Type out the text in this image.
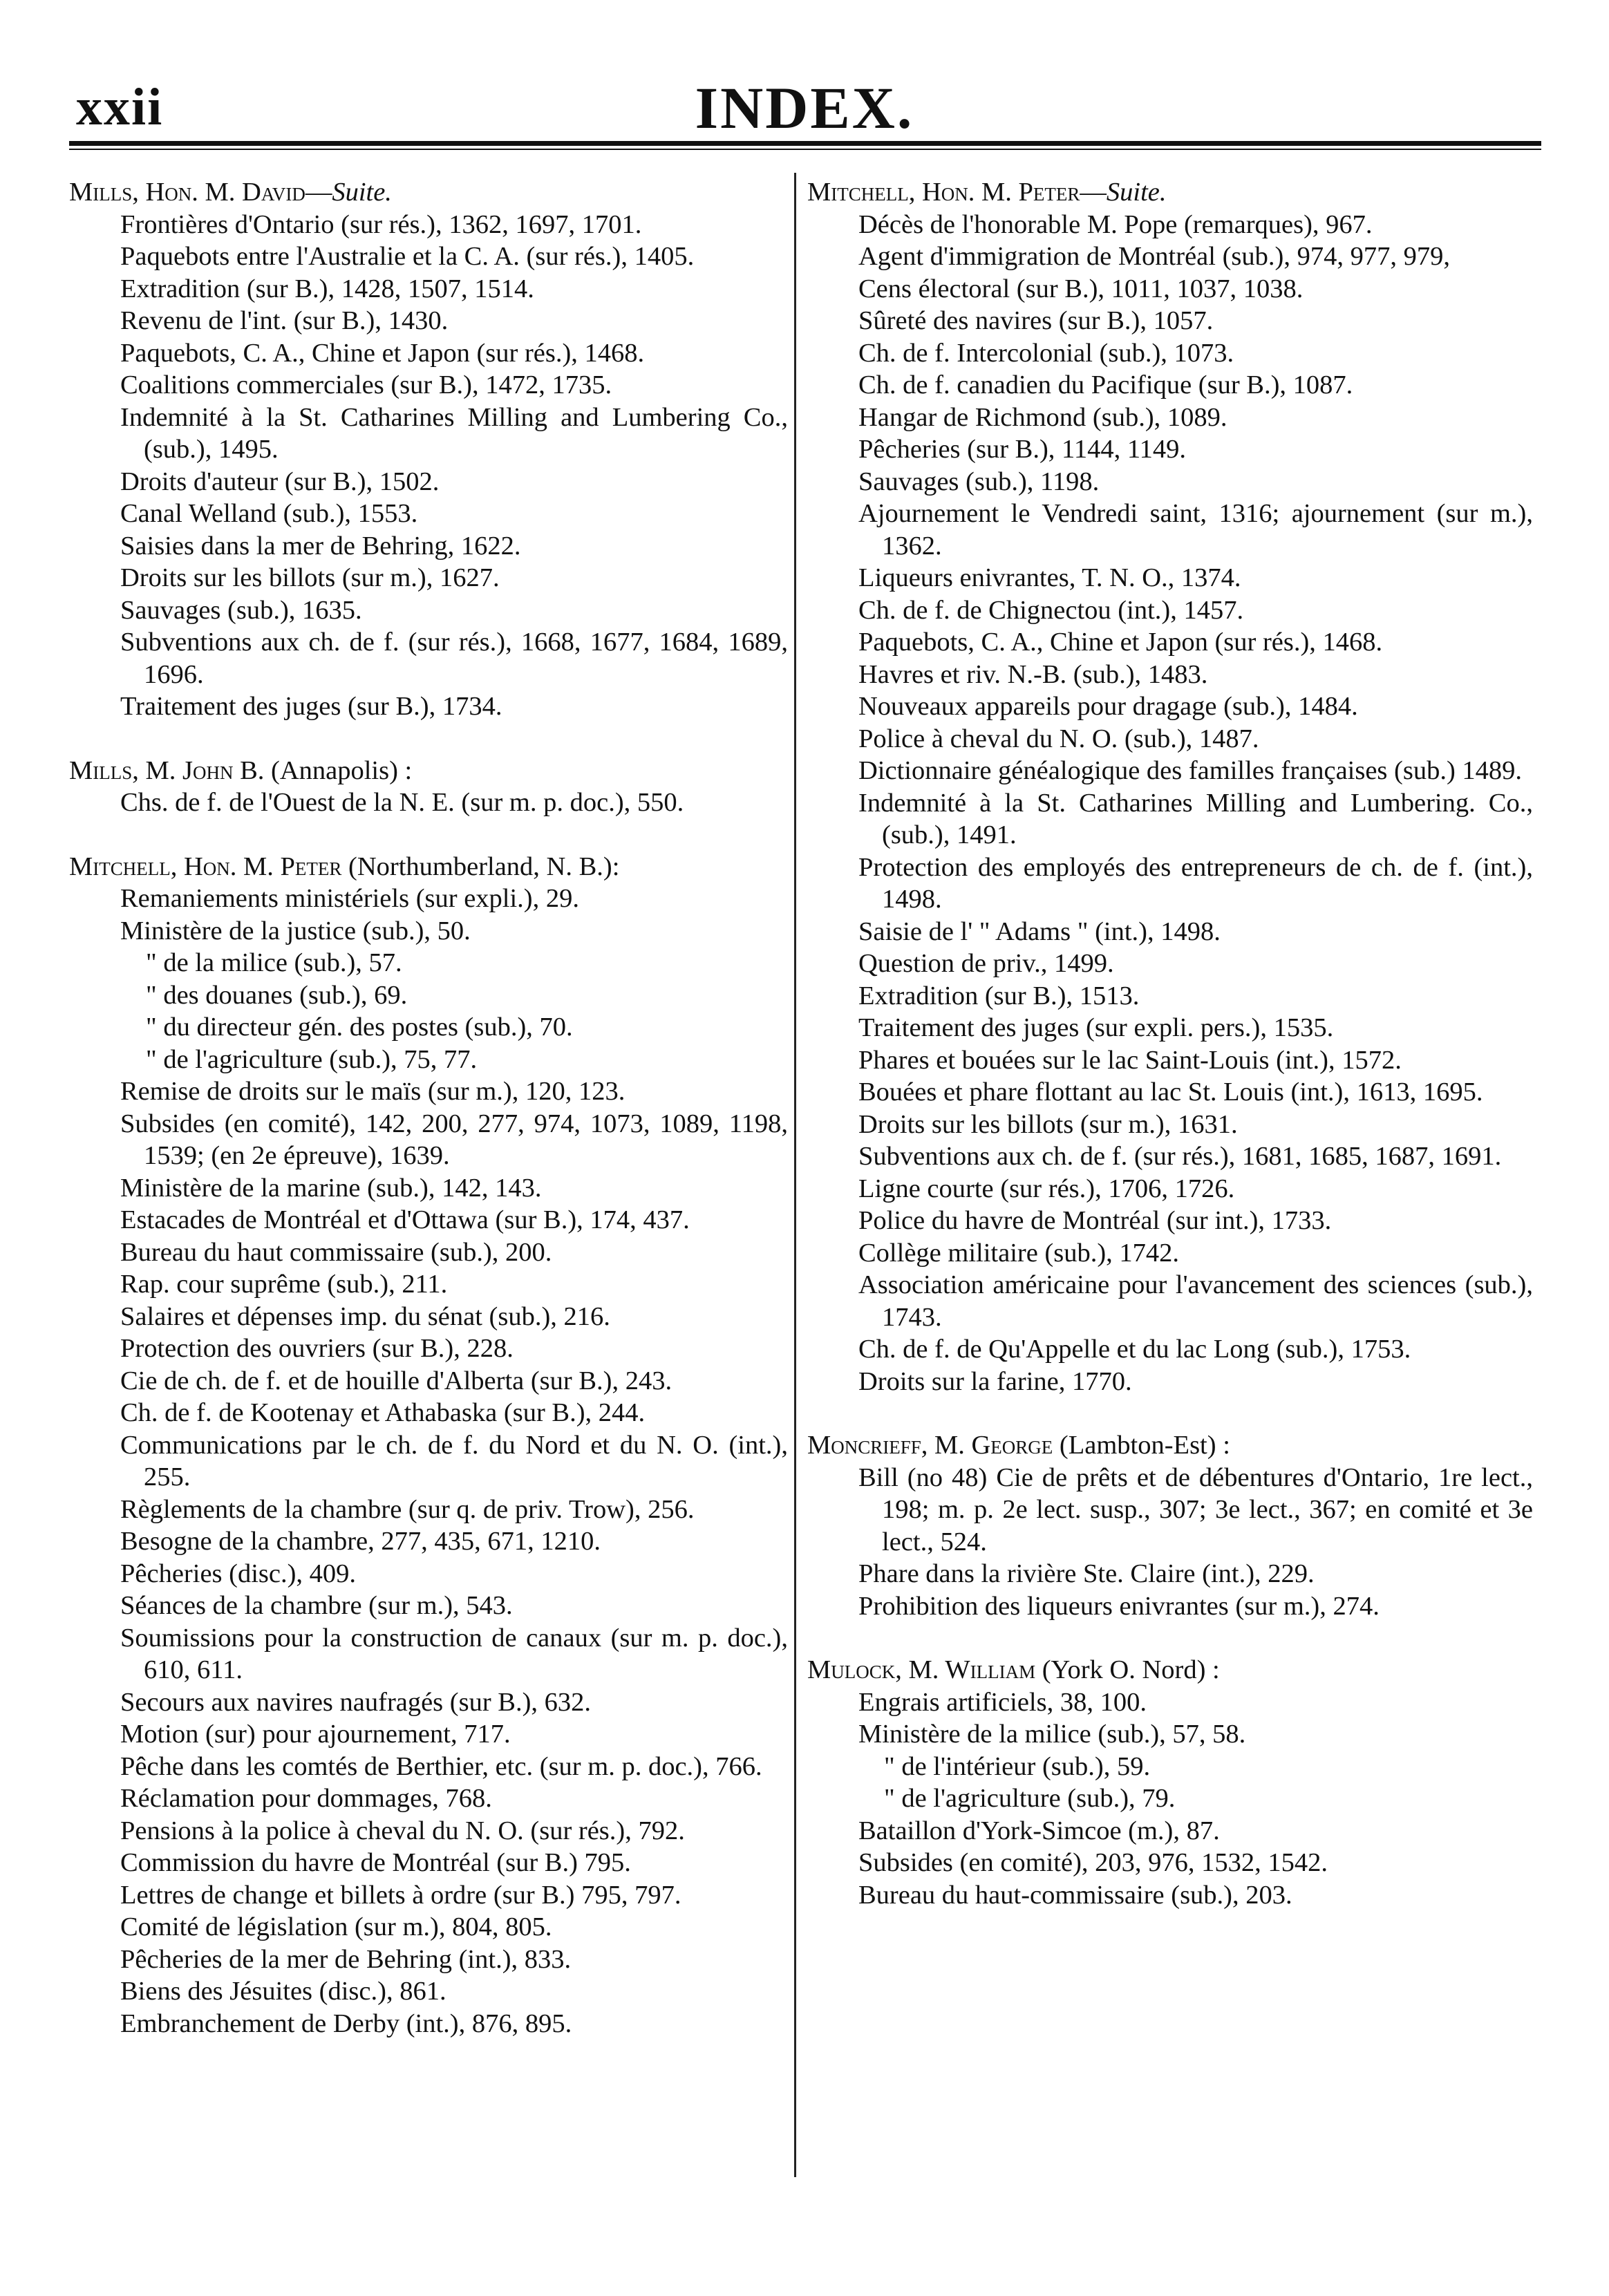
xxii	INDEX.
Mills, Hon. M. David—Suite.
Frontières d'Ontario (sur rés.), 1362, 1697, 1701.
Paquebots entre l'Australie et la C. A. (sur rés.), 1405.
Extradition (sur B.), 1428, 1507, 1514.
Revenu de l'int. (sur B.), 1430.
Paquebots, C. A., Chine et Japon (sur rés.), 1468.
Coalitions commerciales (sur B.), 1472, 1735.
Indemnité à la St. Catharines Milling and Lumbering Co., (sub.), 1495.
Droits d'auteur (sur B.), 1502.
Canal Welland (sub.), 1553.
Saisies dans la mer de Behring, 1622.
Droits sur les billots (sur m.), 1627.
Sauvages (sub.), 1635.
Subventions aux ch. de f. (sur rés.), 1668, 1677, 1684, 1689, 1696.
Traitement des juges (sur B.), 1734.
Mills, M. John B. (Annapolis) :
Chs. de f. de l'Ouest de la N. E. (sur m. p. doc.), 550.
Mitchell, Hon. M. Peter (Northumberland, N. B.):
Remaniements ministériels (sur expli.), 29.
Ministère de la justice (sub.), 50.
" de la milice (sub.), 57.
" des douanes (sub.), 69.
" du directeur gén. des postes (sub.), 70.
" de l'agriculture (sub.), 75, 77.
Remise de droits sur le maïs (sur m.), 120, 123.
Subsides (en comité), 142, 200, 277, 974, 1073, 1089, 1198, 1539; (en 2e épreuve), 1639.
Ministère de la marine (sub.), 142, 143.
Estacades de Montréal et d'Ottawa (sur B.), 174, 437.
Bureau du haut commissaire (sub.), 200.
Rap. cour suprême (sub.), 211.
Salaires et dépenses imp. du sénat (sub.), 216.
Protection des ouvriers (sur B.), 228.
Cie de ch. de f. et de houille d'Alberta (sur B.), 243.
Ch. de f. de Kootenay et Athabaska (sur B.), 244.
Communications par le ch. de f. du Nord et du N. O. (int.), 255.
Règlements de la chambre (sur q. de priv. Trow), 256.
Besogne de la chambre, 277, 435, 671, 1210.
Pêcheries (disc.), 409.
Séances de la chambre (sur m.), 543.
Soumissions pour la construction de canaux (sur m. p. doc.), 610, 611.
Secours aux navires naufragés (sur B.), 632.
Motion (sur) pour ajournement, 717.
Pêche dans les comtés de Berthier, etc. (sur m. p. doc.), 766.
Réclamation pour dommages, 768.
Pensions à la police à cheval du N. O. (sur rés.), 792.
Commission du havre de Montréal (sur B.) 795.
Lettres de change et billets à ordre (sur B.) 795, 797.
Comité de législation (sur m.), 804, 805.
Pêcheries de la mer de Behring (int.), 833.
Biens des Jésuites (disc.), 861.
Embranchement de Derby (int.), 876, 895.
Mitchell, Hon. M. Peter—Suite.
Décès de l'honorable M. Pope (remarques), 967.
Agent d'immigration de Montréal (sub.), 974, 977, 979,
Cens électoral (sur B.), 1011, 1037, 1038.
Sûreté des navires (sur B.), 1057.
Ch. de f. Intercolonial (sub.), 1073.
Ch. de f. canadien du Pacifique (sur B.), 1087.
Hangar de Richmond (sub.), 1089.
Pêcheries (sur B.), 1144, 1149.
Sauvages (sub.), 1198.
Ajournement le Vendredi saint, 1316; ajournement (sur m.), 1362.
Liqueurs enivrantes, T. N. O., 1374.
Ch. de f. de Chignectou (int.), 1457.
Paquebots, C. A., Chine et Japon (sur rés.), 1468.
Havres et riv. N.-B. (sub.), 1483.
Nouveaux appareils pour dragage (sub.), 1484.
Police à cheval du N. O. (sub.), 1487.
Dictionnaire généalogique des familles françaises (sub.) 1489.
Indemnité à la St. Catharines Milling and Lumbering. Co., (sub.), 1491.
Protection des employés des entrepreneurs de ch. de f. (int.), 1498.
Saisie de l' " Adams " (int.), 1498.
Question de priv., 1499.
Extradition (sur B.), 1513.
Traitement des juges (sur expli. pers.), 1535.
Phares et bouées sur le lac Saint-Louis (int.), 1572.
Bouées et phare flottant au lac St. Louis (int.), 1613, 1695.
Droits sur les billots (sur m.), 1631.
Subventions aux ch. de f. (sur rés.), 1681, 1685, 1687, 1691.
Ligne courte (sur rés.), 1706, 1726.
Police du havre de Montréal (sur int.), 1733.
Collège militaire (sub.), 1742.
Association américaine pour l'avancement des sciences (sub.), 1743.
Ch. de f. de Qu'Appelle et du lac Long (sub.), 1753.
Droits sur la farine, 1770.
Moncrieff, M. George (Lambton-Est) :
Bill (no 48) Cie de prêts et de débentures d'Ontario, 1re lect., 198; m. p. 2e lect. susp., 307; 3e lect., 367; en comité et 3e lect., 524.
Phare dans la rivière Ste. Claire (int.), 229.
Prohibition des liqueurs enivrantes (sur m.), 274.
Mulock, M. William (York O. Nord) :
Engrais artificiels, 38, 100.
Ministère de la milice (sub.), 57, 58.
" de l'intérieur (sub.), 59.
" de l'agriculture (sub.), 79.
Bataillon d'York-Simcoe (m.), 87.
Subsides (en comité), 203, 976, 1532, 1542.
Bureau du haut-commissaire (sub.), 203.
